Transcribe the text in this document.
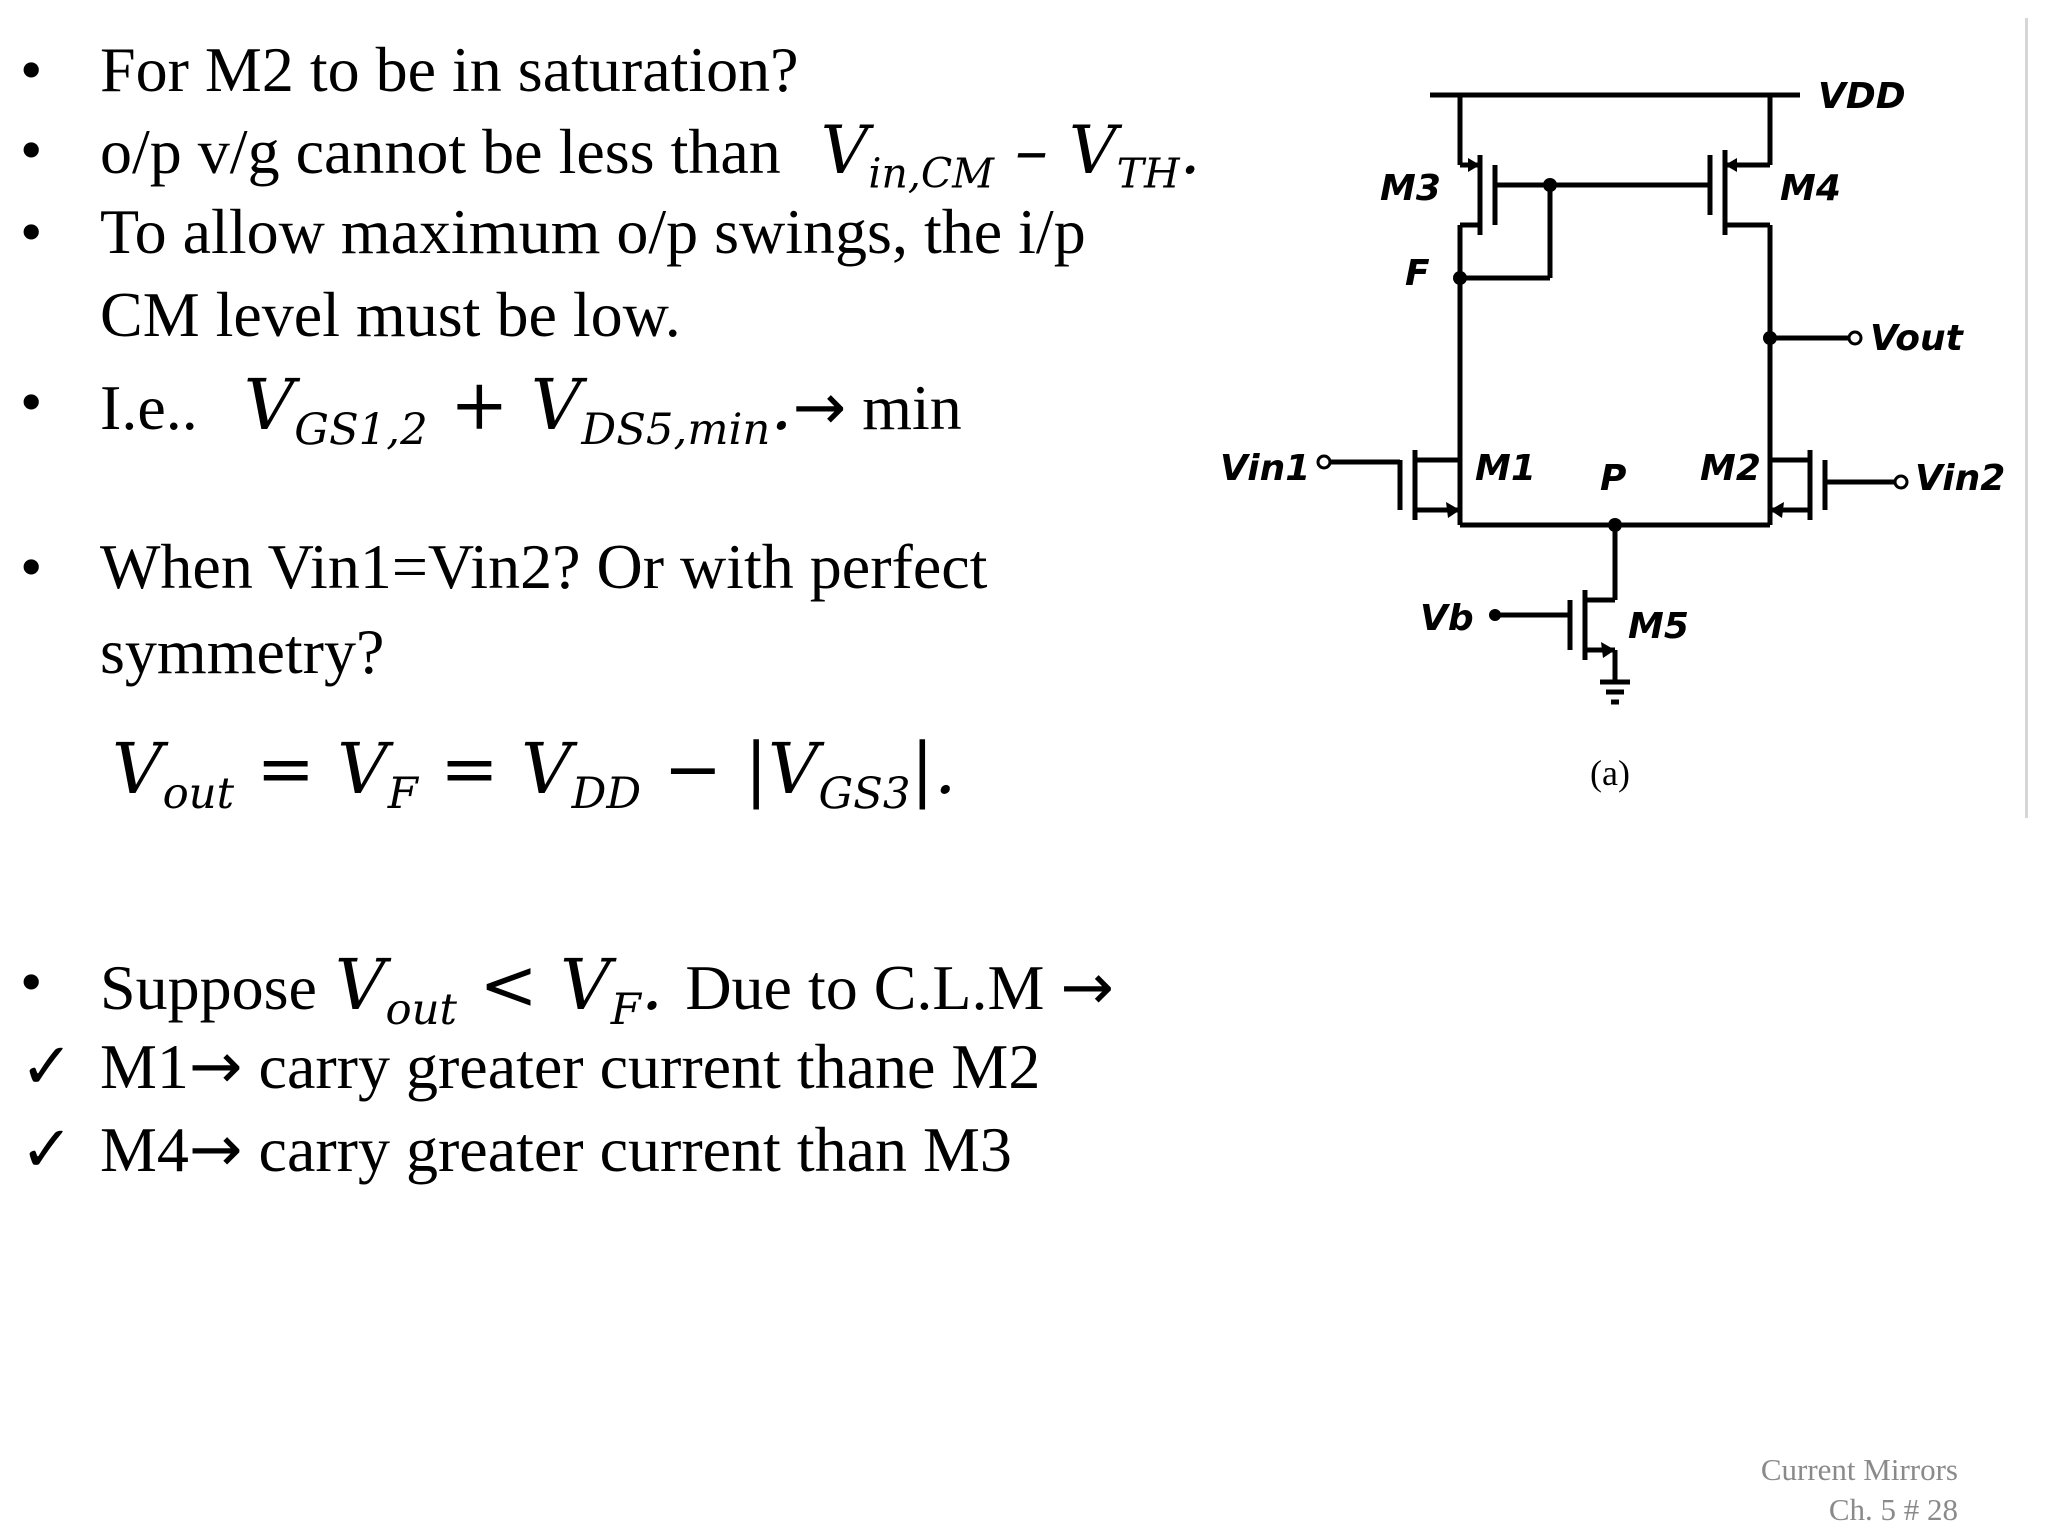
• For M2 to be in saturation?
• o/p v/g cannot be less than $V_{in,CM} - V_{TH}$.
• To allow maximum o/p swings, the i/p
CM level must be low.
• I.e.. $V_{GS1,2} + V_{DS5,min}.\to \min$
• When Vin1=Vin2? Or with perfect
symmetry?
$V_{out} = V_F = V_{DD} - |V_{GS3}|$.
• Suppose $V_{out} < V_F$. Due to C.L.M →
✓ M1→ carry greater current thane M2
✓ M4→ carry greater current than M3
VDD
M3	M4
F
Vout
Vin1	M1 P M2	Vin2
Vb	M5
(a)
Current Mirrors
Ch. 5 # 28
